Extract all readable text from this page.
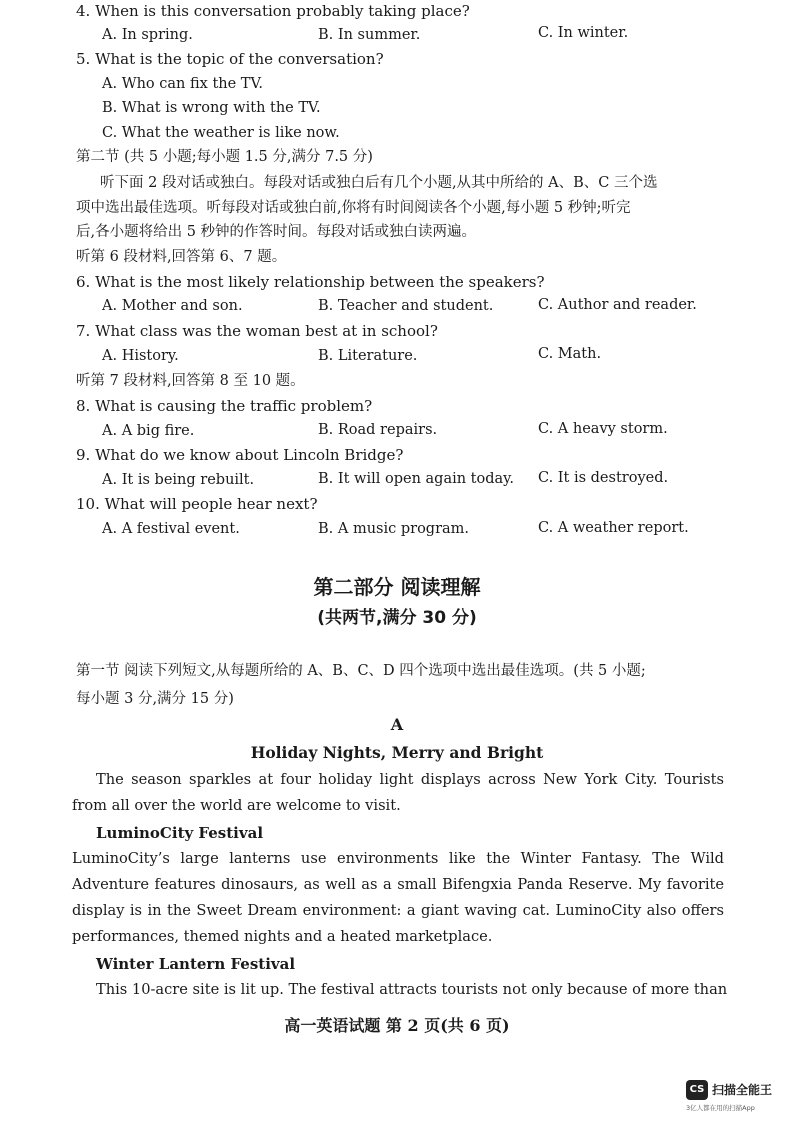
4. When is this conversation probably taking place?
A. In spring.	B. In summer.	C. In winter.
5. What is the topic of the conversation?
A. Who can fix the TV.
B. What is wrong with the TV.
C. What the weather is like now.
第二节 (共 5 小题;每小题 1.5 分,满分 7.5 分)
听下面 2 段对话或独白。每段对话或独白后有几个小题,从其中所给的 A、B、C 三个选
项中选出最佳选项。听每段对话或独白前,你将有时间阅读各个小题,每小题 5 秒钟;听完
后,各小题将给出 5 秒钟的作答时间。每段对话或独白读两遍。
听第 6 段材料,回答第 6、7 题。
6. What is the most likely relationship between the speakers?
A. Mother and son.	B. Teacher and student.	C. Author and reader.
7. What class was the woman best at in school?
A. History.	B. Literature.	C. Math.
听第 7 段材料,回答第 8 至 10 题。
8. What is causing the traffic problem?
A. A big fire.	B. Road repairs.	C. A heavy storm.
9. What do we know about Lincoln Bridge?
A. It is being rebuilt.	B. It will open again today. C. It is destroyed.
10. What will people hear next?
A. A festival event.	B. A music program.	C. A weather report.
第二部分 阅读理解
(共两节,满分 30 分)
第一节 阅读下列短文,从每题所给的 A、B、C、D 四个选项中选出最佳选项。(共 5 小题;
每小题 3 分,满分 15 分)
A
Holiday Nights, Merry and Bright
The season sparkles at four holiday light displays across New York City. Tourists from all over the world are welcome to visit.
LuminoCity Festival
LuminoCity’s large lanterns use environments like the Winter Fantasy. The Wild Adventure features dinosaurs, as well as a small Bifengxia Panda Reserve. My favorite display is in the Sweet Dream environment: a giant waving cat. LuminoCity also offers performances, themed nights and a heated marketplace.
Winter Lantern Festival
This 10-acre site is lit up. The festival attracts tourists not only because of more than
高一英语试题 第 2 页(共 6 页)
CS 扫描全能王
3亿人都在用的扫描App
